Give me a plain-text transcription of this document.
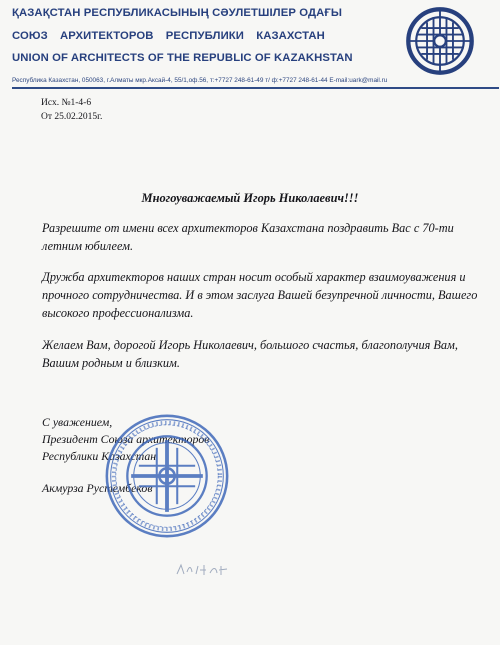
ҚАЗАҚСТАН РЕСПУБЛИКАСЫНЫҢ СӘУЛЕТШІЛЕР ОДАҒЫ
СОЮЗ АРХИТЕКТОРОВ РЕСПУБЛИКИ КАЗАХСТАН
UNION OF ARCHITECTS OF THE REPUBLIC OF KAZAKHSTAN
Республика Казахстан, 050063, г.Алматы мкр.Аксай-4, 55/1,оф.56, т:+7727 248-61-49 т/ ф:+7727 248-61-44 E-mail:uark@mail.ru
Исх. №1-4-6
От 25.02.2015г.
Многоуважаемый Игорь Николаевич!!!

Разрешите от имени всех архитекторов Казахстана поздравить Вас с 70-ти летним юбилеем.

Дружба архитекторов наших стран носит особый характер взаимоуважения и прочного сотрудничества. И в этом заслуга Вашей безупречной личности, Вашего высокого профессионализма.

Желаем Вам, дорогой Игорь Николаевич, большого счастья, благополучия Вам, Вашим родным и близким.

С уважением,
Президент Союза архитекторов
Республики Казахстан
Акмурза Рустембеков
